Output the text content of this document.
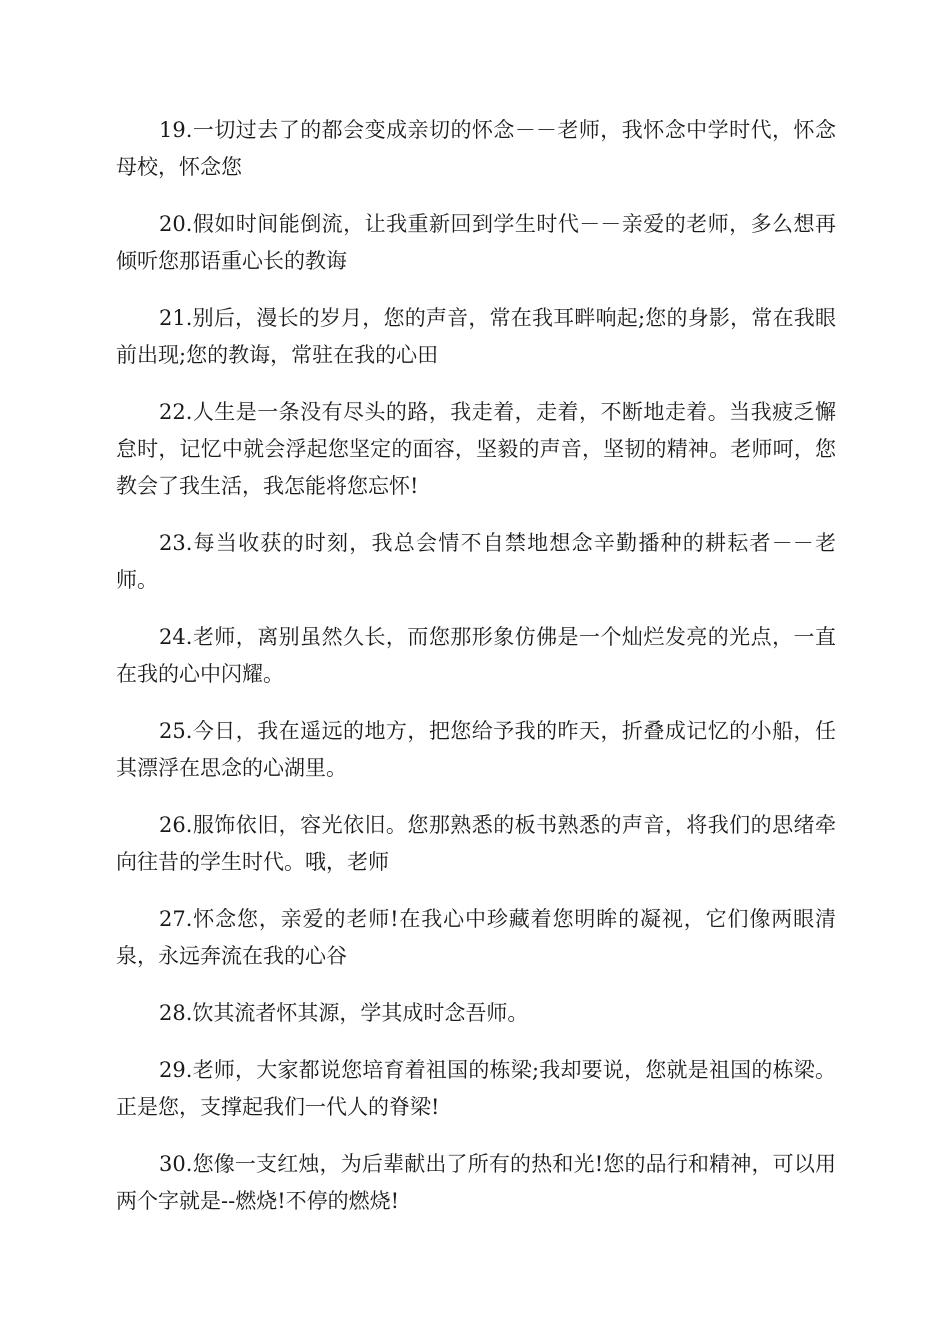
19.一切过去了的都会变成亲切的怀念－－老师，我怀念中学时代，怀念母校，怀念您

20.假如时间能倒流，让我重新回到学生时代－－亲爱的老师，多么想再倾听您那语重心长的教诲

21.别后，漫长的岁月，您的声音，常在我耳畔响起;您的身影，常在我眼前出现;您的教诲，常驻在我的心田

22.人生是一条没有尽头的路，我走着，走着，不断地走着。当我疲乏懈怠时，记忆中就会浮起您坚定的面容，坚毅的声音，坚韧的精神。老师呵，您教会了我生活，我怎能将您忘怀!

23.每当收获的时刻，我总会情不自禁地想念辛勤播种的耕耘者－－老师。

24.老师，离别虽然久长，而您那形象仿佛是一个灿烂发亮的光点，一直在我的心中闪耀。

25.今日，我在遥远的地方，把您给予我的昨天，折叠成记忆的小船，任其漂浮在思念的心湖里。

26.服饰依旧，容光依旧。您那熟悉的板书熟悉的声音，将我们的思绪牵向往昔的学生时代。哦，老师

27.怀念您，亲爱的老师!在我心中珍藏着您明眸的凝视，它们像两眼清泉，永远奔流在我的心谷

28.饮其流者怀其源，学其成时念吾师。

29.老师，大家都说您培育着祖国的栋梁;我却要说，您就是祖国的栋梁。正是您，支撑起我们一代人的脊梁!

30.您像一支红烛，为后辈献出了所有的热和光!您的品行和精神，可以用两个字就是--燃烧!不停的燃烧!
